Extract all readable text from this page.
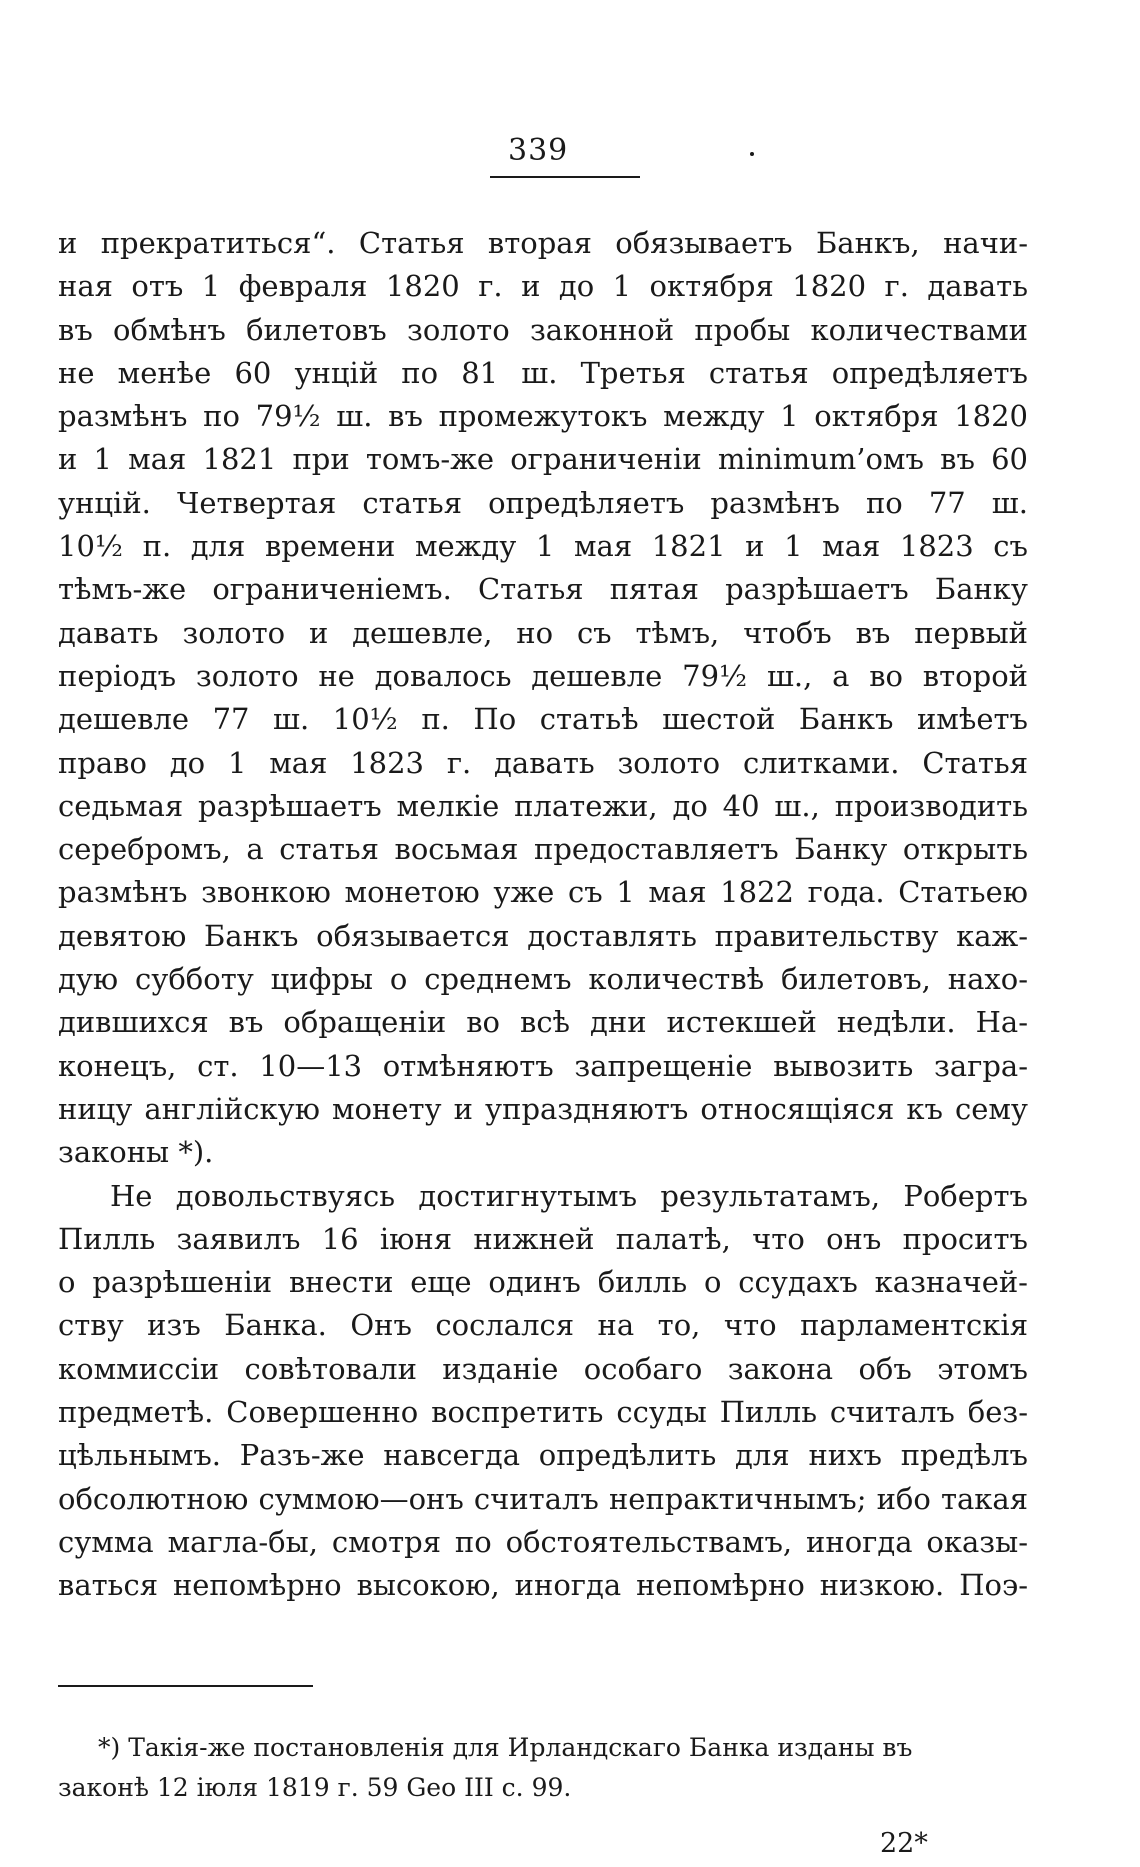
339
и прекратиться“. Статья вторая обязываетъ Банкъ, начи-
ная отъ 1 февраля 1820 г. и до 1 октября 1820 г. давать
въ обмѣнъ билетовъ золото законной пробы количествами
не менѣе 60 унцій по 81 ш. Третья статья опредѣляетъ
размѣнъ по 79½ ш. въ промежутокъ между 1 октября 1820
и 1 мая 1821 при томъ-же ограниченіи minimum’омъ въ 60
унцій. Четвертая статья опредѣляетъ размѣнъ по 77 ш.
10½ п. для времени между 1 мая 1821 и 1 мая 1823 съ
тѣмъ-же ограниченіемъ. Статья пятая разрѣшаетъ Банку
давать золото и дешевле, но съ тѣмъ, чтобъ въ первый
періодъ золото не довалось дешевле 79½ ш., а во второй
дешевле 77 ш. 10½ п. По статьѣ шестой Банкъ имѣетъ
право до 1 мая 1823 г. давать золото слитками. Статья
седьмая разрѣшаетъ мелкіе платежи, до 40 ш., производить
серебромъ, а статья восьмая предоставляетъ Банку открыть
размѣнъ звонкою монетою уже съ 1 мая 1822 года. Статьею
девятою Банкъ обязывается доставлять правительству каж-
дую субботу цифры о среднемъ количествѣ билетовъ, нахо-
дившихся въ обращеніи во всѣ дни истекшей недѣли. На-
конецъ, ст. 10—13 отмѣняютъ запрещеніе вывозить загра-
ницу англійскую монету и упраздняютъ относящіяся къ сему
законы *).
Не довольствуясь достигнутымъ результатамъ, Робертъ
Пилль заявилъ 16 іюня нижней палатѣ, что онъ проситъ
о разрѣшеніи внести еще одинъ билль о ссудахъ казначей-
ству изъ Банка. Онъ сослался на то, что парламентскія
коммиссіи совѣтовали изданіе особаго закона объ этомъ
предметѣ. Совершенно воспретить ссуды Пилль считалъ без-
цѣльнымъ. Разъ-же навсегда опредѣлить для нихъ предѣлъ
обсолютною суммою—онъ считалъ непрактичнымъ; ибо такая
сумма магла-бы, смотря по обстоятельствамъ, иногда оказы-
ваться непомѣрно высокою, иногда непомѣрно низкою. Поэ-
*) Такія-же постановленія для Ирландскаго Банка изданы въ
законѣ 12 іюля 1819 г. 59 Geo III с. 99.
22*
